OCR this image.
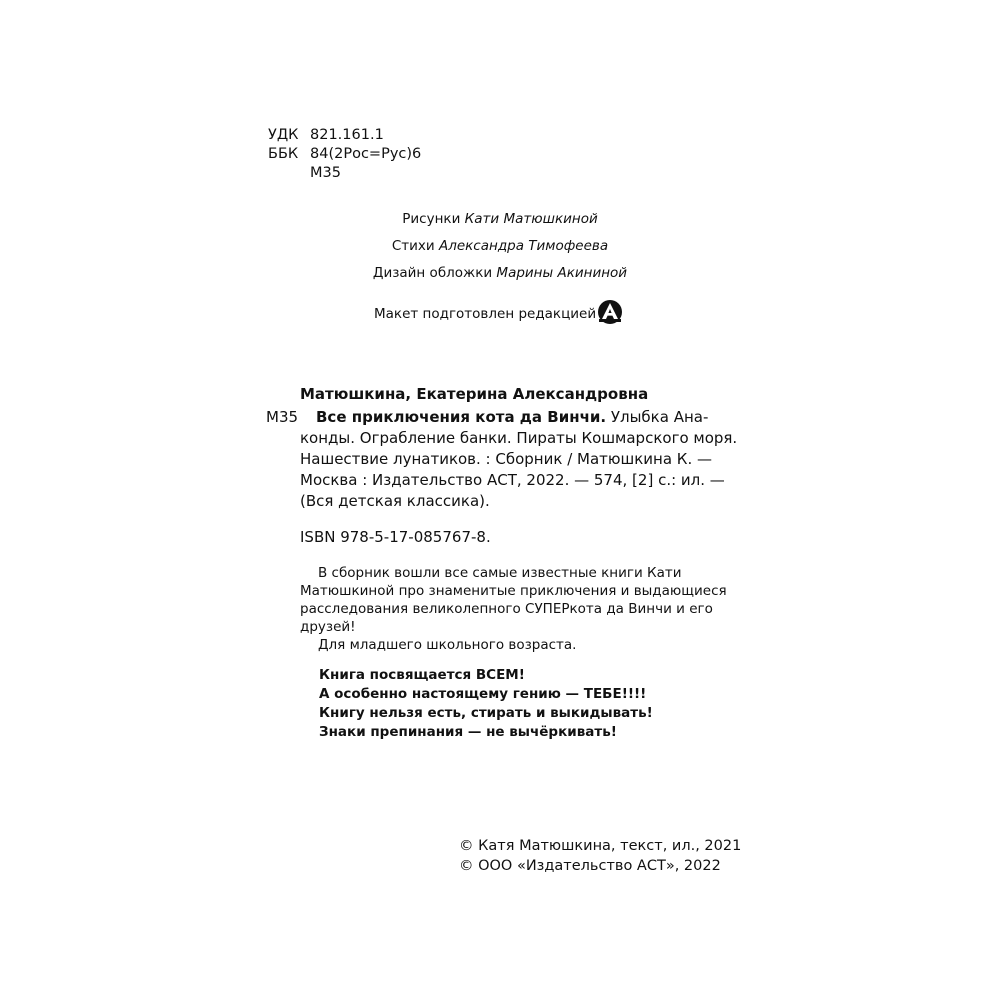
УДК 821.161.1
ББК 84(2Рос=Рус)6
М35
Рисунки Кати Матюшкиной
Стихи Александра Тимофеева
Дизайн обложки Марины Акининой
Макет подготовлен редакцией
Матюшкина, Екатерина Александровна
М35 Все приключения кота да Винчи. Улыбка Ана-
конды. Ограбление банки. Пираты Кошмарского моря.
Нашествие лунатиков. : Сборник / Матюшкина К. —
Москва : Издательство АСТ, 2022. — 574, [2] с.: ил. —
(Вся детская классика).
ISBN 978-5-17-085767-8.
В сборник вошли все самые известные книги Кати
Матюшкиной про знаменитые приключения и выдающиеся
расследования великолепного СУПЕРкота да Винчи и его
друзей!
Для младшего школьного возраста.
Книга посвящается ВСЕМ!
А особенно настоящему гению — ТЕБЕ!!!!
Книгу нельзя есть, стирать и выкидывать!
Знаки препинания — не вычёркивать!
© Катя Матюшкина, текст, ил., 2021
© ООО «Издательство АСТ», 2022
